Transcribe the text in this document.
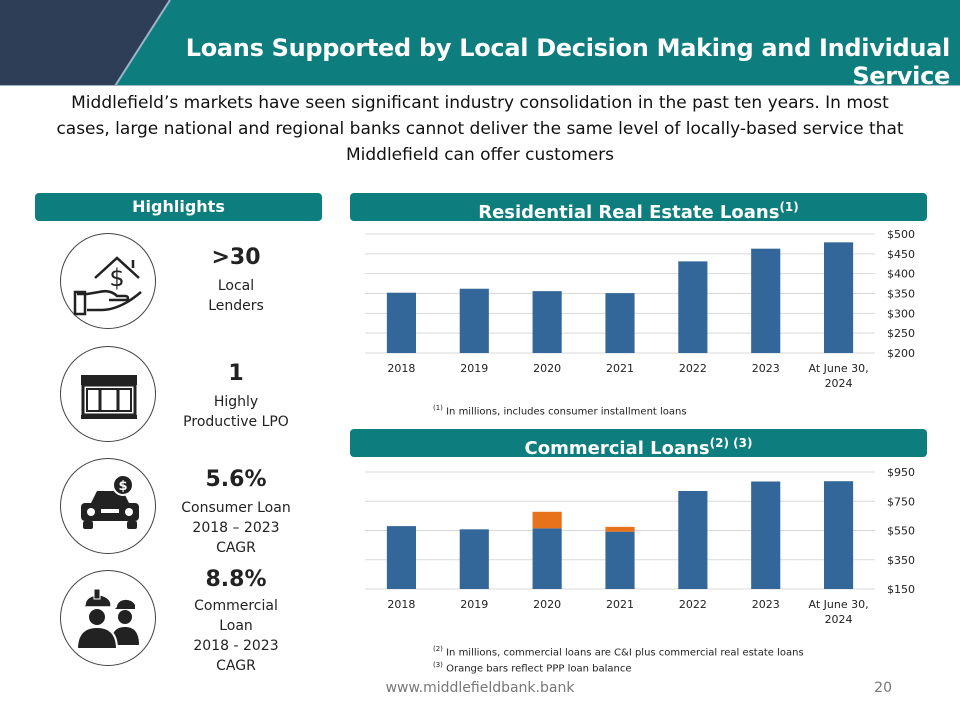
Loans Supported by Local Decision Making and Individual Service
Middlefield’s markets have seen significant industry consolidation in the past ten years. In most
cases, large national and regional banks cannot deliver the same level of locally-based service that
Middlefield can offer customers
Highlights
$
>30
Local
Lenders
1
Highly
Productive LPO
$	5.6%
Consumer Loan
2018 – 2023
CAGR
8.8%
Commercial
Loan
2018 - 2023
CAGR
Residential Real Estate Loans$^{(1)}$
$200
$250
$300
$350
$400
$450
$500
2018	2019	2020	2021	2022	2023	At June 30,
2024
$^{(1)}$ In millions, includes consumer installment loans
Commercial Loans$^{(2) (3)}$
$150
$350
$550
$750
$950
2018	2019	2020	2021	2022	2023	At June 30,
2024
$^{(2)}$ In millions, commercial loans are C&I plus commercial real estate loans
$^{(3)}$ Orange bars reflect PPP loan balance
www.middlefieldbank.bank	20
